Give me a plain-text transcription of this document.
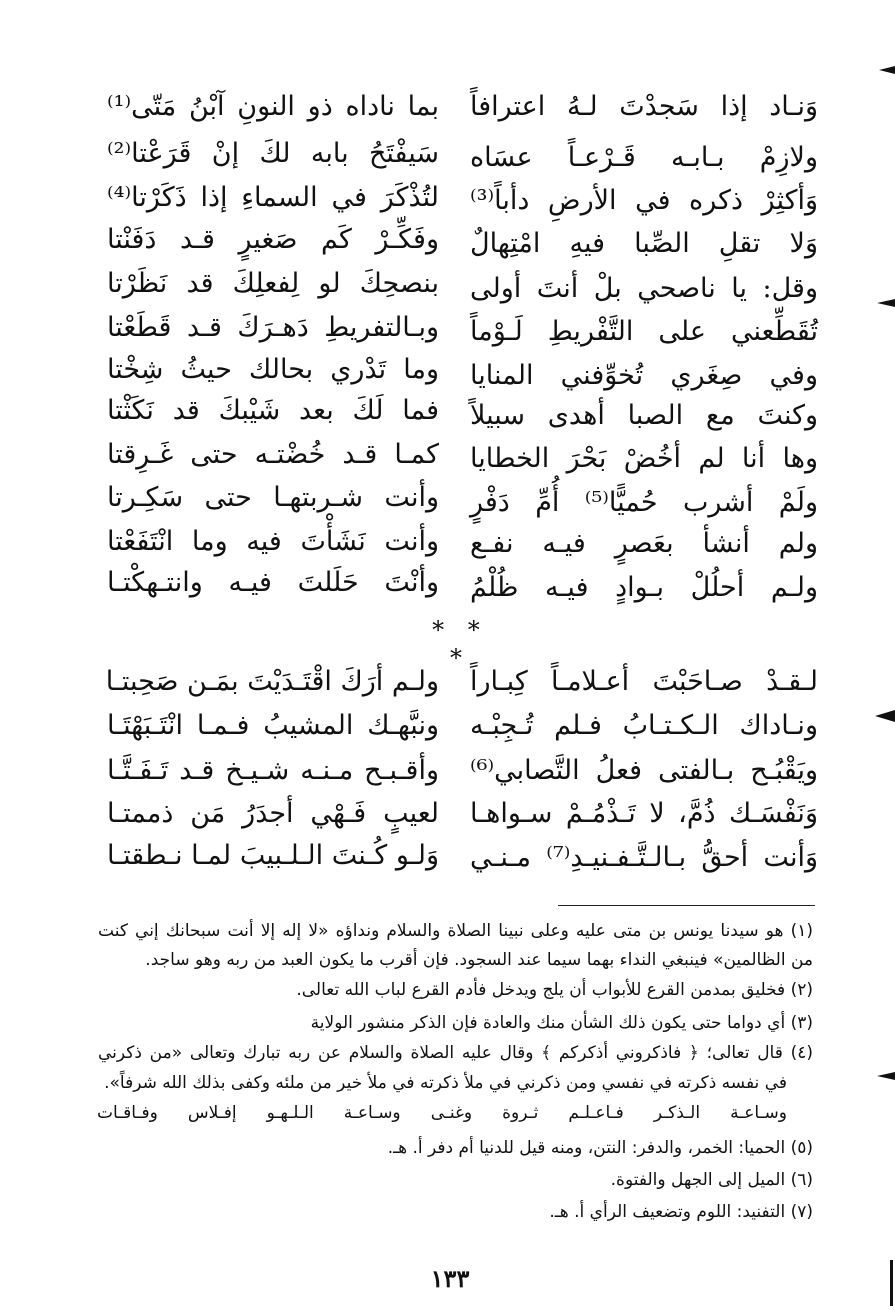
وَنـاد إذا سَجدْتَ لـهُ اعترافاً
ولازِمْ بـابـه قَـرْعـاً عسَاه
وَأكثِرْ ذكره في الأرضِ دأباً⁽³⁾
وَلا تقلِ الصِّبا فيهِ امْتِهالٌ
وقل: يا ناصحي بلْ أنتَ أولى
تُقَطِّعني على التَّفْريطِ لَـوْماً
وفي صِغَري تُخوِّفني المنايا
وكنتَ مع الصبا أهدى سبيلاً
وها أنا لم أخُضْ بَحْرَ الخطايا
ولَمْ أشرب حُميًّا⁽⁵⁾ أُمِّ دَفْرٍ
ولم أنشأ بعَصرٍ فيـه نفـع
ولـم أحلُلْ بـوادٍ فيـه ظُلْمُ
بما ناداه ذو النونِ آبْنُ مَتّى⁽¹⁾
سَيفْتَحُ بابه لكَ إنْ قَرَعْتا⁽²⁾
لتُذْكَرَ في السماءِ إذا ذَكَرْتا⁽⁴⁾
وفَكِّـرْ كَم صَغيرٍ قـد دَفَنْتا
بنصحِكَ لو لِفعلِكَ قد نَظَرْتا
وبـالتفريطِ دَهـرَكَ قـد قَطَعْتا
وما تَدْري بحالك حيثُ شِخْتا
فما لَكَ بعد شَيْبكَ قد نَكَثْتا
كمـا قـد خُضْتـه حتى غَـرِقتا
وأنت شـربتهـا حتى سَكِـرتا
وأنت نَشَأْتَ فيه وما انْتَفَعْتا
وأنْتَ حَلَلتَ فيـه وانتـهكْتـا
* * *
لـقـدْ صـاحَبْتَ أعـلامـاً كِبـاراً
ونـاداك الـكـتـابُ فـلم تُـجِبْـه
ويَقْبُـح بـالفتى فعلُ التَّصابي⁽⁶⁾
وَنَفْسَـك ذُمَّ، لا تَـذْمُـمْ سـواهـا
وَأنت أحقُّ بـالـتَّـفـنيـدِ⁽⁷⁾ مـنـي
ولـم أرَكَ اقْتَـدَيْتَ بمَـن صَحِبتـا
ونبَّهـك المشيبُ فـمـا انْتَـبَهْتَـا
وأقـبـح مـنـه شـيـخ قـد تَـفَـتَّـا
لعيبٍ فَـهْي أجدَرُ مَن ذممتـا
وَلـو كُـنتَ الـلـبيبَ لمـا نـطقتـا
(١) هو سيدنا يونس بن متى عليه وعلى نبينا الصلاة والسلام ونداؤه «لا إله إلا أنت سبحانك إني كنت
من الظالمين» فينبغي النداء بهما سيما عند السجود. فإن أقرب ما يكون العبد من ربه وهو ساجد.
(٢) فخليق بمدمن القرع للأبواب أن يلج ويدخل فأدم القرع لباب الله تعالى.
(٣) أي دواما حتى يكون ذلك الشأن منك والعادة فإن الذكر منشور الولاية
(٤) قال تعالى؛ ﴿ فاذكروني أذكركم ﴾ وقال عليه الصلاة والسلام عن ربه تبارك وتعالى «من ذكرني
في نفسه ذكرته في نفسي ومن ذكرني في ملأ ذكرته في ملأ خير من ملئه وكفى بذلك الله شرفاً».
وسـاعـة الـذكـر فـاعـلـم ثـروة وغنـى وسـاعـة الـلـهـو إفـلاس وفـاقـات
(٥) الحميا: الخمر، والدفر: النتن، ومنه قيل للدنيا أم دفر أ. هـ.
(٦) الميل إلى الجهل والفتوة.
(٧) التفنيد: اللوم وتضعيف الرأي أ. هـ.
١٣٣
